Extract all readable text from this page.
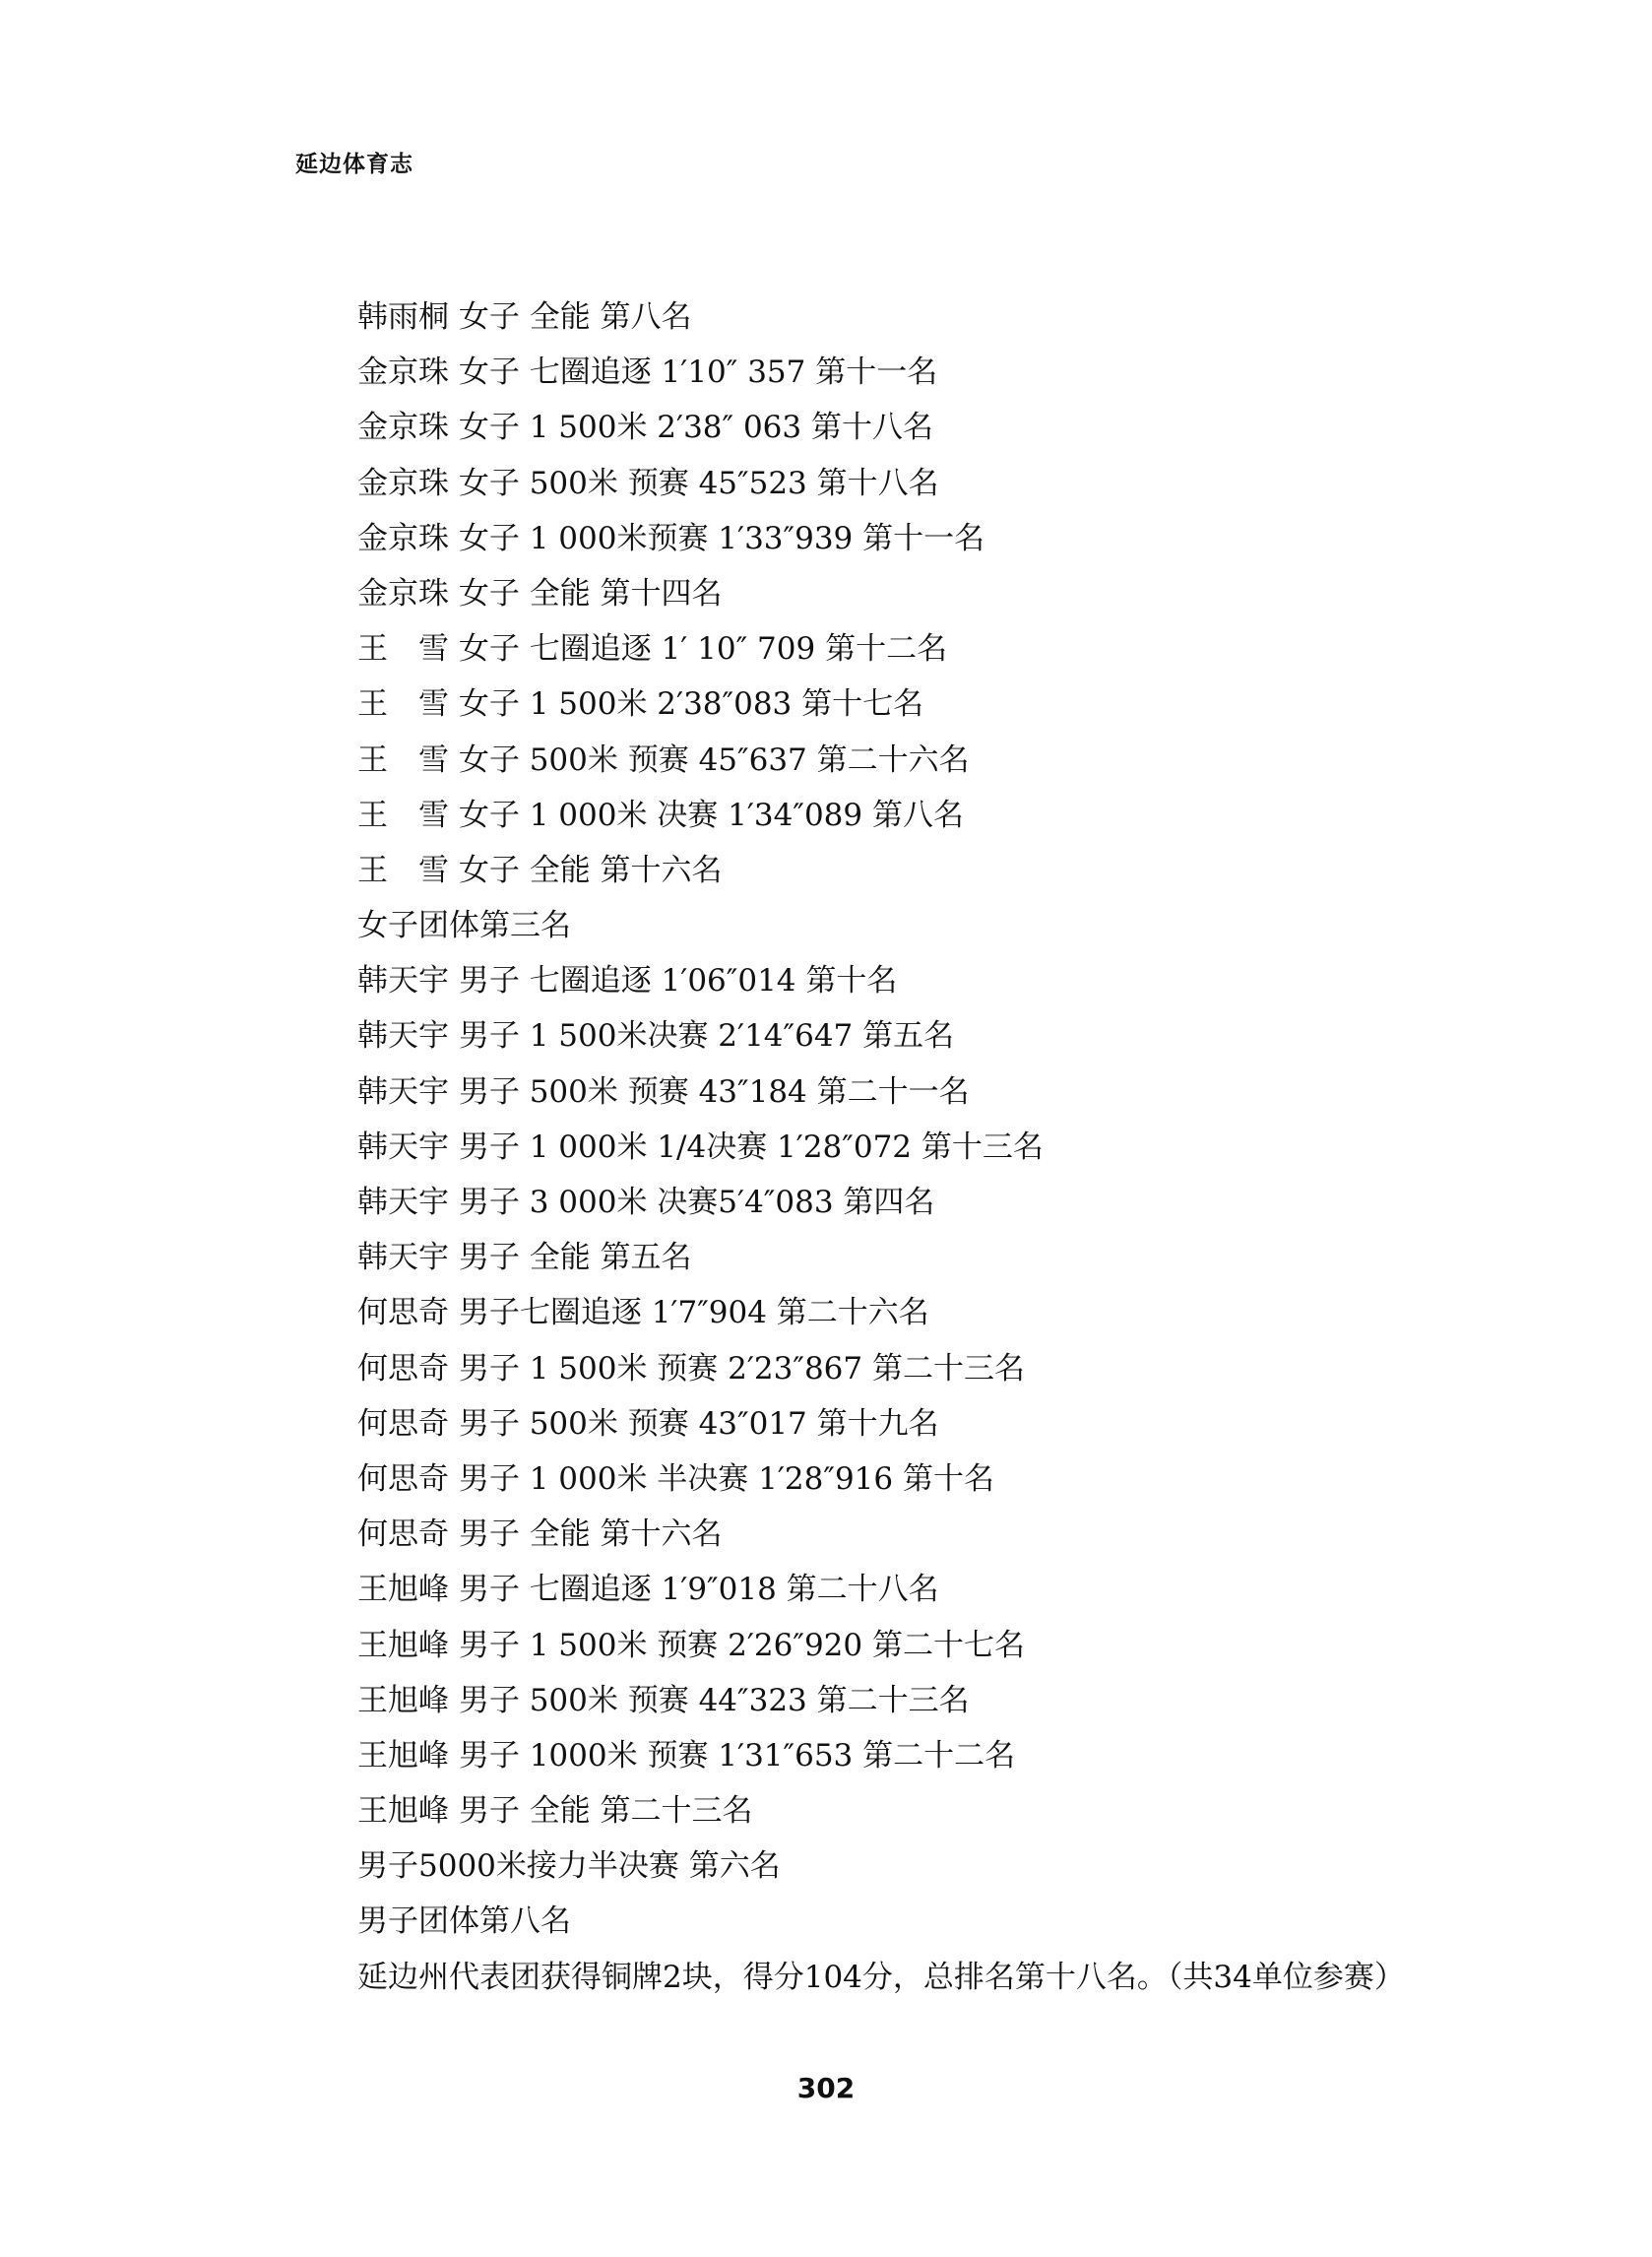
延边体育志
韩雨桐 女子 全能 第八名
金京珠 女子 七圈追逐 1′10″ 357 第十一名
金京珠 女子 1 500米 2′38″ 063 第十八名
金京珠 女子 500米 预赛 45″523 第十八名
金京珠 女子 1 000米预赛 1′33″939 第十一名
金京珠 女子 全能 第十四名
王　雪 女子 七圈追逐 1′ 10″ 709 第十二名
王　雪 女子 1 500米 2′38″083 第十七名
王　雪 女子 500米 预赛 45″637 第二十六名
王　雪 女子 1 000米 决赛 1′34″089 第八名
王　雪 女子 全能 第十六名
女子团体第三名
韩天宇 男子 七圈追逐 1′06″014 第十名
韩天宇 男子 1 500米决赛 2′14″647 第五名
韩天宇 男子 500米 预赛 43″184 第二十一名
韩天宇 男子 1 000米 1/4决赛 1′28″072 第十三名
韩天宇 男子 3 000米 决赛5′4″083 第四名
韩天宇 男子 全能 第五名
何思奇 男子七圈追逐 1′7″904 第二十六名
何思奇 男子 1 500米 预赛 2′23″867 第二十三名
何思奇 男子 500米 预赛 43″017 第十九名
何思奇 男子 1 000米 半决赛 1′28″916 第十名
何思奇 男子 全能 第十六名
王旭峰 男子 七圈追逐 1′9″018 第二十八名
王旭峰 男子 1 500米 预赛 2′26″920 第二十七名
王旭峰 男子 500米 预赛 44″323 第二十三名
王旭峰 男子 1000米 预赛 1′31″653 第二十二名
王旭峰 男子 全能 第二十三名
男子5000米接力半决赛 第六名
男子团体第八名
延边州代表团获得铜牌2块，得分104分，总排名第十八名。（共34单位参赛）
302
